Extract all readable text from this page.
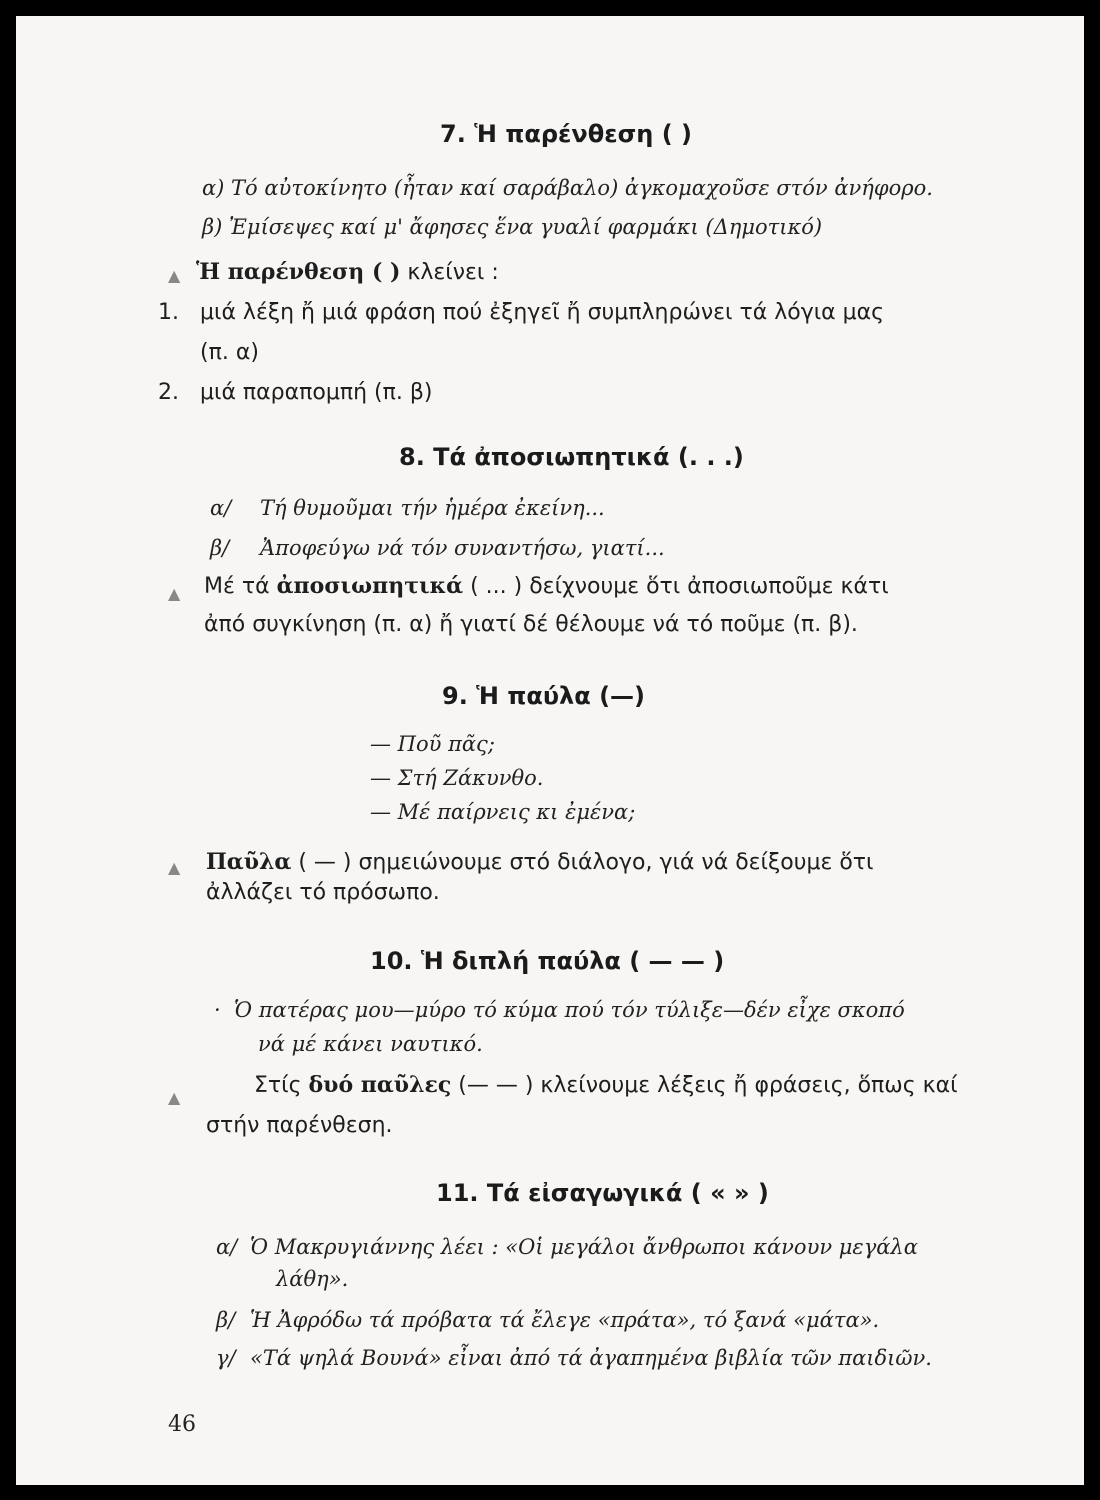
7. Ἡ παρένθεση ( )
α) Τό αὐτοκίνητο (ἦταν καί σαράβαλο) ἀγκομαχοῦσε στόν ἀνήφορο.
β) Ἐμίσεψες καί μ' ἄφησες ἕνα γυαλί φαρμάκι (Δημοτικό)
▲ Ἡ παρένθεση ( ) κλείνει :
1. μιά λέξη ἤ μιά φράση πού ἐξηγεῖ ἤ συμπληρώνει τά λόγια μας
(π. α)
2. μιά παραπομπή (π. β)
8. Τά ἀποσιωπητικά (. . .)
α/ Τή θυμοῦμαι τήν ἡμέρα ἐκείνη...
β/ Ἀποφεύγω νά τόν συναντήσω, γιατί...
▲ Μέ τά ἀποσιωπητικά ( ... ) δείχνουμε ὅτι ἀποσιωποῦμε κάτι
ἀπό συγκίνηση (π. α) ἤ γιατί δέ θέλουμε νά τό ποῦμε (π. β).
9. Ἡ παύλα (—)
— Ποῦ πᾶς;
— Στή Ζάκυνθο.
— Μέ παίρνεις κι ἐμένα;
▲ Παῦλα ( — ) σημειώνουμε στό διάλογο, γιά νά δείξουμε ὅτι
ἀλλάζει τό πρόσωπο.
10. Ἡ διπλή παύλα ( — — )
· Ὁ πατέρας μου—μύρο τό κύμα πού τόν τύλιξε—δέν εἶχε σκοπό
νά μέ κάνει ναυτικό.
▲	Στίς δυό παῦλες (— — ) κλείνουμε λέξεις ἤ φράσεις, ὅπως καί
στήν παρένθεση.
11. Τά εἰσαγωγικά ( « » )
α/ Ὁ Μακρυγιάννης λέει : «Οἱ μεγάλοι ἄνθρωποι κάνουν μεγάλα
λάθη».
β/ Ἡ Ἀφρόδω τά πρόβατα τά ἔλεγε «πράτα», τό ξανά «μάτα».
γ/ «Τά ψηλά Βουνά» εἶναι ἀπό τά ἀγαπημένα βιβλία τῶν παιδιῶν.
46
